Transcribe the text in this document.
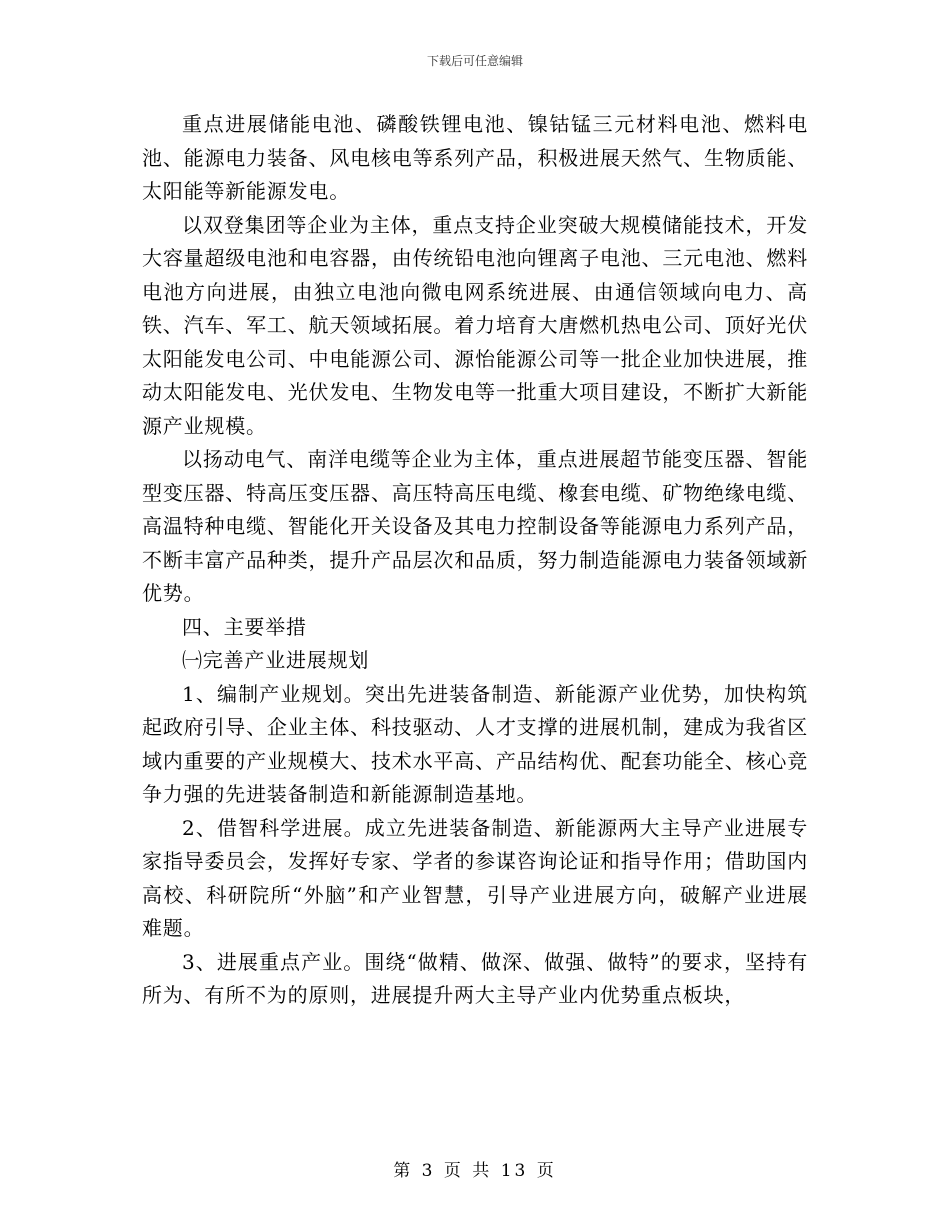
下载后可任意编辑

重点进展储能电池、磷酸铁锂电池、镍钴锰三元材料电池、燃料电池、能源电力装备、风电核电等系列产品，积极进展天然气、生物质能、太阳能等新能源发电。

以双登集团等企业为主体，重点支持企业突破大规模储能技术，开发大容量超级电池和电容器，由传统铅电池向锂离子电池、三元电池、燃料电池方向进展，由独立电池向微电网系统进展、由通信领域向电力、高铁、汽车、军工、航天领域拓展。着力培育大唐燃机热电公司、顶好光伏太阳能发电公司、中电能源公司、源怡能源公司等一批企业加快进展，推动太阳能发电、光伏发电、生物发电等一批重大项目建设，不断扩大新能源产业规模。

以扬动电气、南洋电缆等企业为主体，重点进展超节能变压器、智能型变压器、特高压变压器、高压特高压电缆、橡套电缆、矿物绝缘电缆、高温特种电缆、智能化开关设备及其电力控制设备等能源电力系列产品，不断丰富产品种类，提升产品层次和品质，努力制造能源电力装备领域新优势。

四、主要举措

㈠完善产业进展规划

1、编制产业规划。突出先进装备制造、新能源产业优势，加快构筑起政府引导、企业主体、科技驱动、人才支撑的进展机制，建成为我省区域内重要的产业规模大、技术水平高、产品结构优、配套功能全、核心竞争力强的先进装备制造和新能源制造基地。

2、借智科学进展。成立先进装备制造、新能源两大主导产业进展专家指导委员会，发挥好专家、学者的参谋咨询论证和指导作用；借助国内高校、科研院所“外脑”和产业智慧，引导产业进展方向，破解产业进展难题。

3、进展重点产业。围绕“做精、做深、做强、做特”的要求，坚持有所为、有所不为的原则，进展提升两大主导产业内优势重点板块，

第 3 页 共 13 页
